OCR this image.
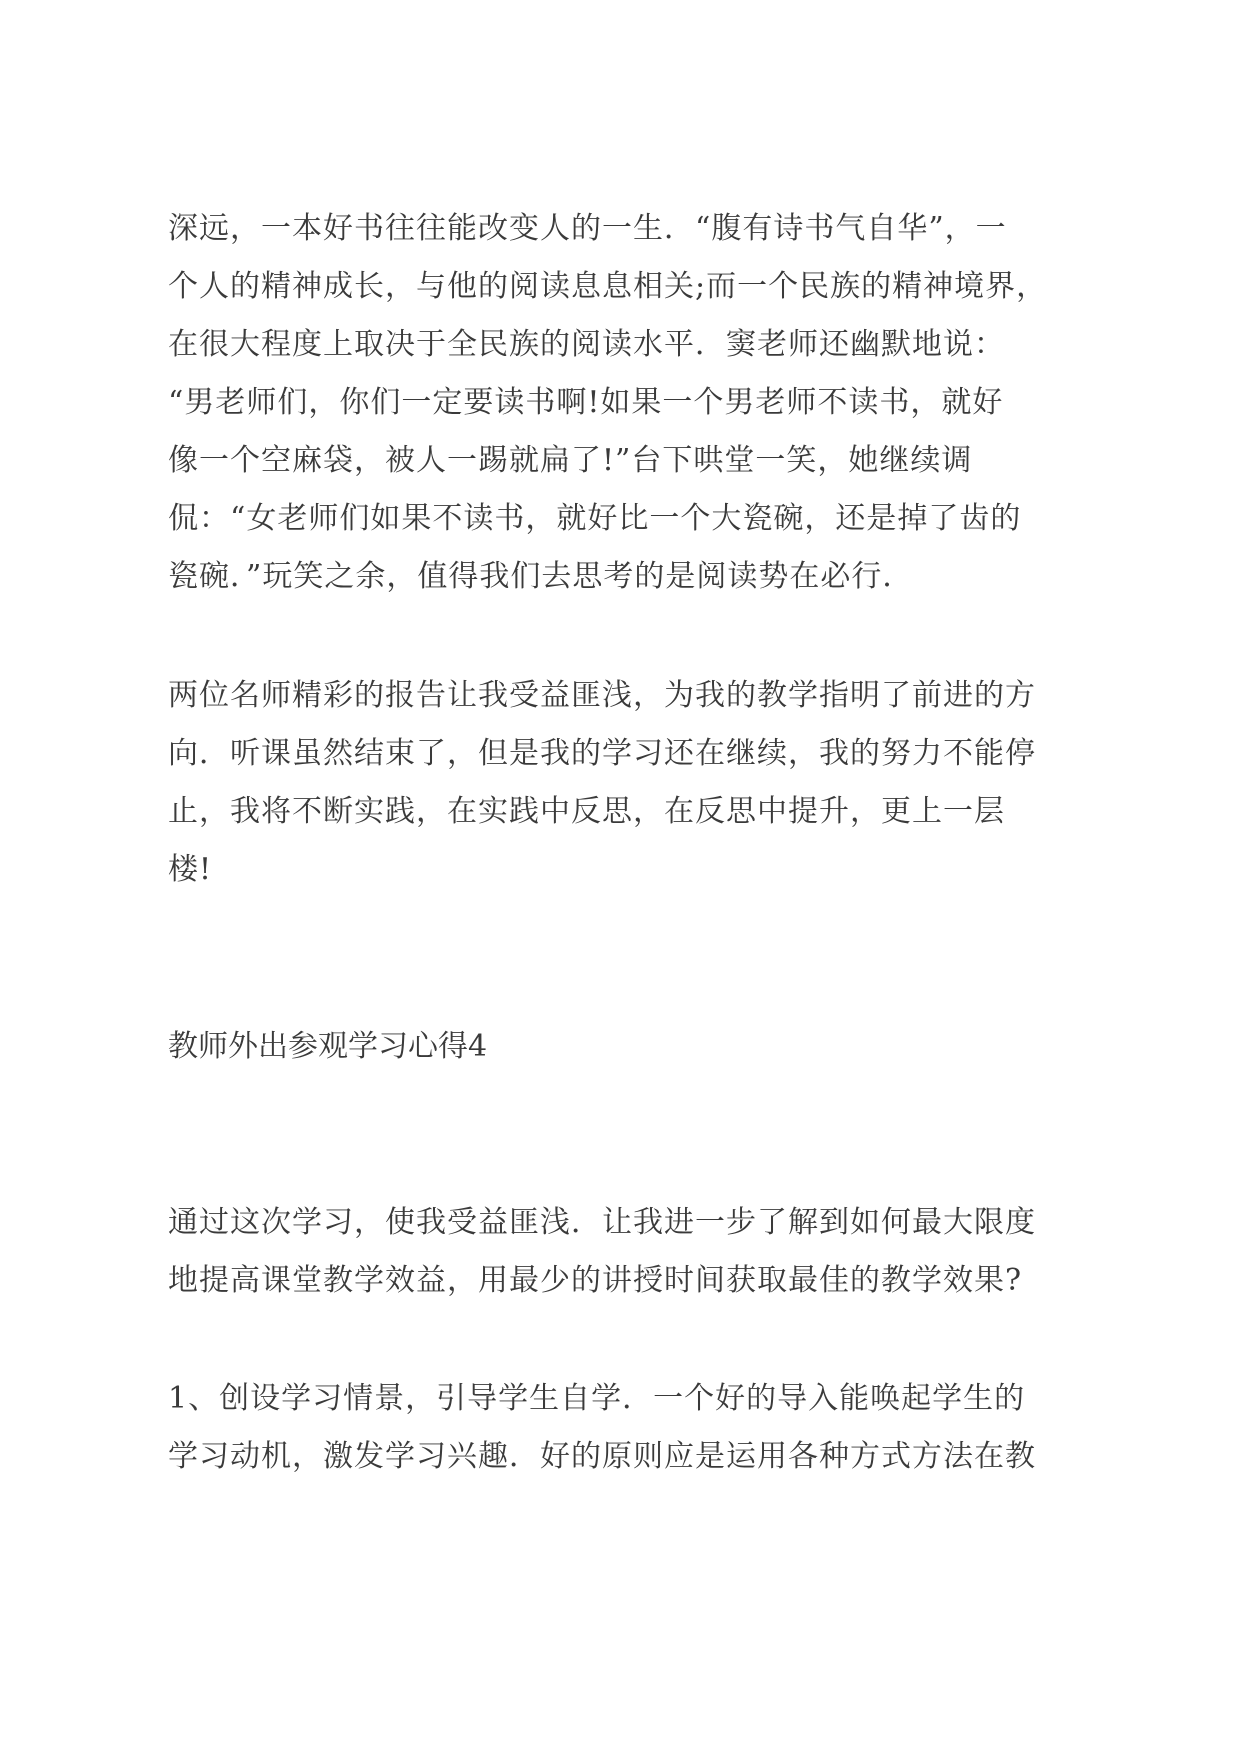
深远，一本好书往往能改变人的一生．“腹有诗书气自华”，一
个人的精神成长，与他的阅读息息相关;而一个民族的精神境界，
在很大程度上取决于全民族的阅读水平．窦老师还幽默地说：
“男老师们，你们一定要读书啊!如果一个男老师不读书，就好
像一个空麻袋，被人一踢就扁了!”台下哄堂一笑，她继续调
侃：“女老师们如果不读书，就好比一个大瓷碗，还是掉了齿的
瓷碗．”玩笑之余，值得我们去思考的是阅读势在必行．
两位名师精彩的报告让我受益匪浅，为我的教学指明了前进的方
向．听课虽然结束了，但是我的学习还在继续，我的努力不能停
止，我将不断实践，在实践中反思，在反思中提升，更上一层
楼!
教师外出参观学习心得4
通过这次学习，使我受益匪浅．让我进一步了解到如何最大限度
地提高课堂教学效益，用最少的讲授时间获取最佳的教学效果?
1、创设学习情景，引导学生自学．一个好的导入能唤起学生的
学习动机，激发学习兴趣．好的原则应是运用各种方式方法在教
